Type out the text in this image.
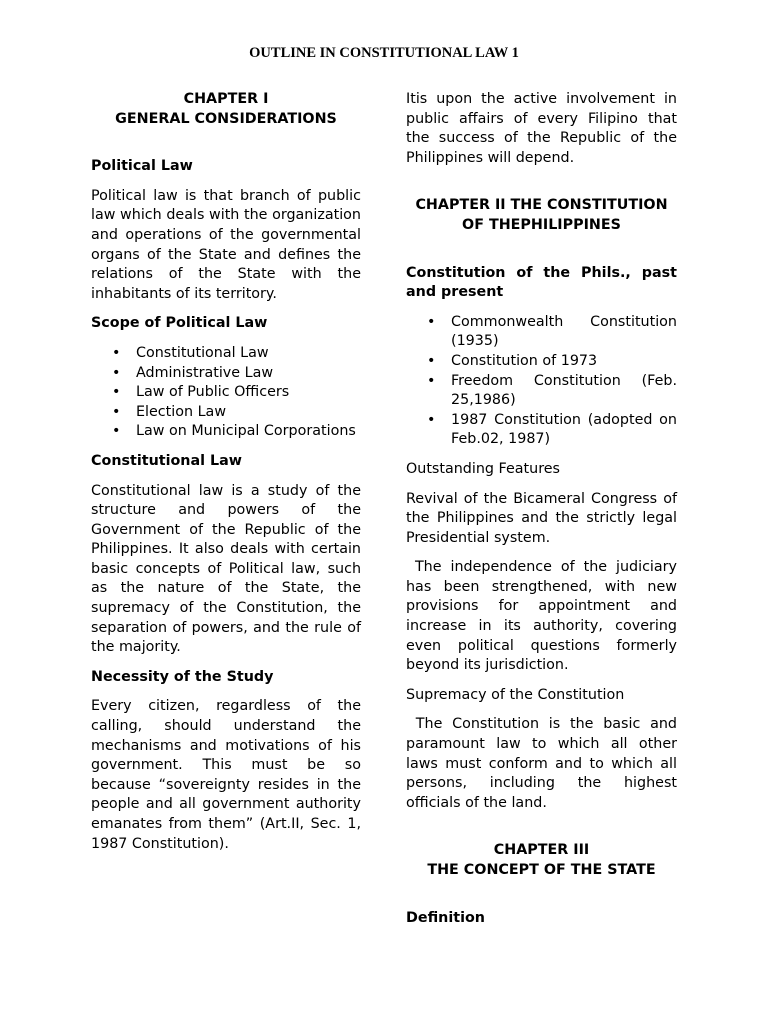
OUTLINE IN CONSTITUTIONAL LAW 1
CHAPTER I
GENERAL CONSIDERATIONS
Political Law
Political law is that branch of public law which deals with the organization and operations of the governmental organs of the State and defines the relations of the State with the inhabitants of its territory.
Scope of Political Law
• Constitutional Law
• Administrative Law
• Law of Public Officers
• Election Law
• Law on Municipal Corporations
Constitutional Law
Constitutional law is a study of the structure and powers of the Government of the Republic of the Philippines. It also deals with certain basic concepts of Political law, such as the nature of the State, the supremacy of the Constitution, the separation of powers, and the rule of the majority.
Necessity of the Study
Every citizen, regardless of the calling, should understand the mechanisms and motivations of his government. This must be so because “sovereignty resides in the people and all government authority emanates from them” (Art.II, Sec. 1, 1987 Constitution).
Itis upon the active involvement in public affairs of every Filipino that the success of the Republic of the Philippines will depend.
CHAPTER II THE CONSTITUTION
OF THEPHILIPPINES
Constitution of the Phils., past and present
• Commonwealth Constitution (1935)
• Constitution of 1973
• Freedom Constitution (Feb. 25,1986)
• 1987 Constitution (adopted on Feb.02, 1987)
Outstanding Features
Revival of the Bicameral Congress of the Philippines and the strictly legal Presidential system.
The independence of the judiciary has been strengthened, with new provisions for appointment and increase in its authority, covering even political questions formerly beyond its jurisdiction.
Supremacy of the Constitution
The Constitution is the basic and paramount law to which all other laws must conform and to which all persons, including the highest officials of the land.
CHAPTER III
THE CONCEPT OF THE STATE
Definition
